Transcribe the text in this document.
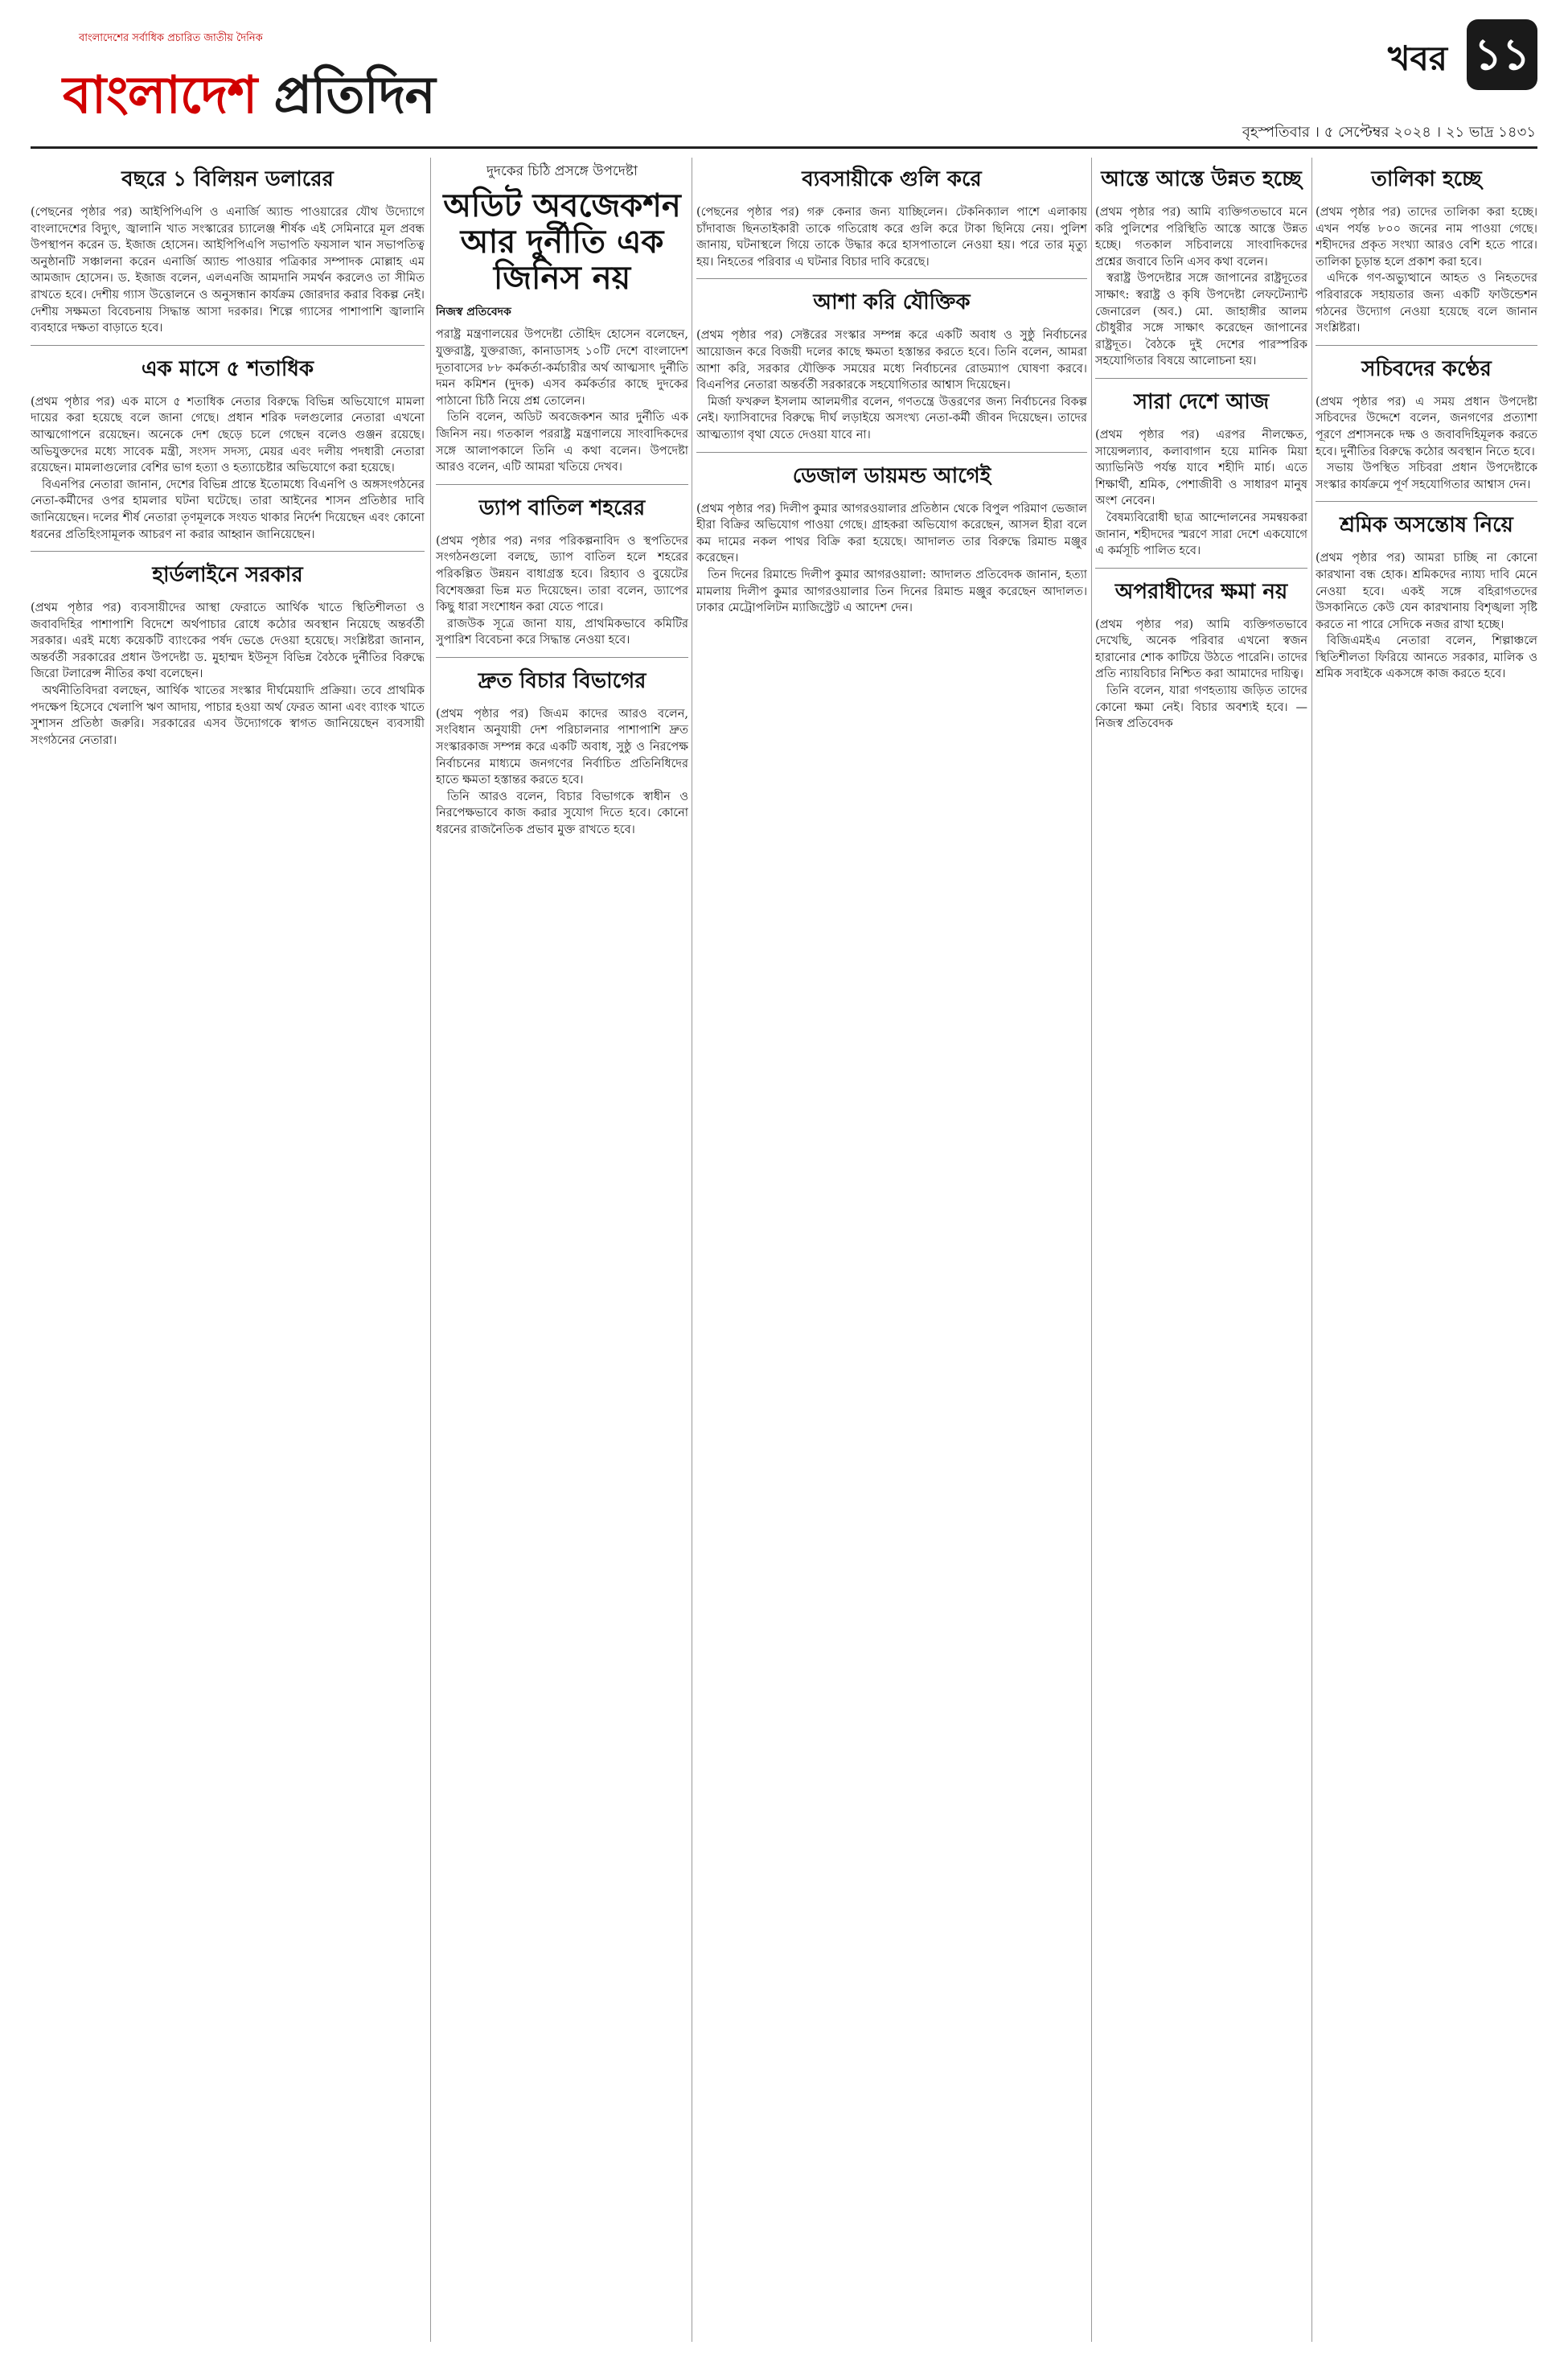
বাংলাদেশের সর্বাধিক প্রচারিত জাতীয় দৈনিক
বাংলাদেশ প্রতিদিন
খবর ১১
বৃহস্পতিবার । ৫ সেপ্টেম্বর ২০২৪ । ২১ ভাদ্র ১৪৩১
বছরে ১ বিলিয়ন ডলারের

(পেছনের পৃষ্ঠার পর) আইপিপিএপি ও এনার্জি অ্যান্ড পাওয়ারের যৌথ উদ্যোগে বাংলাদেশের বিদ্যুৎ, জ্বালানি খাত সংস্কারের চ্যালেঞ্জ শীর্ষক এই সেমিনারে মূল প্রবন্ধ উপস্থাপন করেন ড. ইজাজ হোসেন। আইপিপিএপি সভাপতি ফয়সাল খান সভাপতিত্ব অনুষ্ঠানটি সঞ্চালনা করেন এনার্জি অ্যান্ড পাওয়ার পত্রিকার সম্পাদক মোল্লাহ এম আমজাদ হোসেন। ড. ইজাজ বলেন, এলএনজি আমদানি সমর্থন করলেও তা সীমিত রাখতে হবে। দেশীয় গ্যাস উত্তোলনে ও অনুসন্ধান কার্যক্রম জোরদার করার বিকল্প নেই। দেশীয় সক্ষমতা বিবেচনায় সিদ্ধান্ত আসা দরকার। শিল্পে গ্যাসের পাশাপাশি জ্বালানি ব্যবহারে দক্ষতা বাড়াতে হবে।

এক মাসে ৫ শতাধিক

(প্রথম পৃষ্ঠার পর) এক মাসে ৫ শতাধিক নেতার বিরুদ্ধে বিভিন্ন অভিযোগে মামলা দায়ের করা হয়েছে বলে জানা গেছে। প্রধান শরিক দলগুলোর নেতারা এখনো আত্মগোপনে রয়েছেন। অনেকে দেশ ছেড়ে চলে গেছেন বলেও গুঞ্জন রয়েছে। অভিযুক্তদের মধ্যে সাবেক মন্ত্রী, সংসদ সদস্য, মেয়র এবং দলীয় পদধারী নেতারা রয়েছেন। মামলাগুলোর বেশির ভাগ হত্যা ও হত্যাচেষ্টার অভিযোগে করা হয়েছে।

বিএনপির নেতারা জানান, দেশের বিভিন্ন প্রান্তে ইতোমধ্যে বিএনপি ও অঙ্গসংগঠনের নেতা-কর্মীদের ওপর হামলার ঘটনা ঘটেছে। তারা আইনের শাসন প্রতিষ্ঠার দাবি জানিয়েছেন। দলের শীর্ষ নেতারা তৃণমূলকে সংযত থাকার নির্দেশ দিয়েছেন এবং কোনো ধরনের প্রতিহিংসামূলক আচরণ না করার আহ্বান জানিয়েছেন।

হার্ডলাইনে সরকার

(প্রথম পৃষ্ঠার পর) ব্যবসায়ীদের আস্থা ফেরাতে আর্থিক খাতে স্থিতিশীলতা ও জবাবদিহির পাশাপাশি বিদেশে অর্থপাচার রোধে কঠোর অবস্থান নিয়েছে অন্তর্বর্তী সরকার। এরই মধ্যে কয়েকটি ব্যাংকের পর্ষদ ভেঙে দেওয়া হয়েছে। সংশ্লিষ্টরা জানান, অন্তর্বর্তী সরকারের প্রধান উপদেষ্টা ড. মুহাম্মদ ইউনূস বিভিন্ন বৈঠকে দুর্নীতির বিরুদ্ধে জিরো টলারেন্স নীতির কথা বলেছেন।

অর্থনীতিবিদরা বলছেন, আর্থিক খাতের সংস্কার দীর্ঘমেয়াদি প্রক্রিয়া। তবে প্রাথমিক পদক্ষেপ হিসেবে খেলাপি ঋণ আদায়, পাচার হওয়া অর্থ ফেরত আনা এবং ব্যাংক খাতে সুশাসন প্রতিষ্ঠা জরুরি। সরকারের এসব উদ্যোগকে স্বাগত জানিয়েছেন ব্যবসায়ী সংগঠনের নেতারা।

দুদকের চিঠি প্রসঙ্গে উপদেষ্টা
অডিট অবজেকশন আর দুর্নীতি এক জিনিস নয়
নিজস্ব প্রতিবেদক

পরাষ্ট্র মন্ত্রণালয়ের উপদেষ্টা তৌহিদ হোসেন বলেছেন, যুক্তরাষ্ট্র, যুক্তরাজ্য, কানাডাসহ ১০টি দেশে বাংলাদেশ দূতাবাসের ৮৮ কর্মকর্তা-কর্মচারীর অর্থ আত্মসাৎ দুর্নীতি দমন কমিশন (দুদক) এসব কর্মকর্তার কাছে দুদকের পাঠানো চিঠি নিয়ে প্রশ্ন তোলেন।

তিনি বলেন, অডিট অবজেকশন আর দুর্নীতি এক জিনিস নয়। গতকাল পররাষ্ট্র মন্ত্রণালয়ে সাংবাদিকদের সঙ্গে আলাপকালে তিনি এ কথা বলেন। উপদেষ্টা আরও বলেন, এটি আমরা খতিয়ে দেখব।

ড্যাপ বাতিল শহরের

(প্রথম পৃষ্ঠার পর) নগর পরিকল্পনাবিদ ও স্থপতিদের সংগঠনগুলো বলছে, ড্যাপ বাতিল হলে শহরের পরিকল্পিত উন্নয়ন বাধাগ্রস্ত হবে। রিহ্যাব ও বুয়েটের বিশেষজ্ঞরা ভিন্ন মত দিয়েছেন। তারা বলেন, ড্যাপের কিছু ধারা সংশোধন করা যেতে পারে।

রাজউক সূত্রে জানা যায়, প্রাথমিকভাবে কমিটির সুপারিশ বিবেচনা করে সিদ্ধান্ত নেওয়া হবে।

দ্রুত বিচার বিভাগের

(প্রথম পৃষ্ঠার পর) জিএম কাদের আরও বলেন, সংবিধান অনুযায়ী দেশ পরিচালনার পাশাপাশি দ্রুত সংস্কারকাজ সম্পন্ন করে একটি অবাধ, সুষ্ঠু ও নিরপেক্ষ নির্বাচনের মাধ্যমে জনগণের নির্বাচিত প্রতিনিধিদের হাতে ক্ষমতা হস্তান্তর করতে হবে।

তিনি আরও বলেন, বিচার বিভাগকে স্বাধীন ও নিরপেক্ষভাবে কাজ করার সুযোগ দিতে হবে। কোনো ধরনের রাজনৈতিক প্রভাব মুক্ত রাখতে হবে।

ব্যবসায়ীকে গুলি করে

(পেছনের পৃষ্ঠার পর) গরু কেনার জন্য যাচ্ছিলেন। টেকনিক্যাল পাশে এলাকায় চাঁদাবাজ ছিনতাইকারী তাকে গতিরোধ করে গুলি করে টাকা ছিনিয়ে নেয়। পুলিশ জানায়, ঘটনাস্থলে গিয়ে তাকে উদ্ধার করে হাসপাতালে নেওয়া হয়। পরে তার মৃত্যু হয়। নিহতের পরিবার এ ঘটনার বিচার দাবি করেছে।

আশা করি যৌক্তিক

(প্রথম পৃষ্ঠার পর) সেক্টরের সংস্কার সম্পন্ন করে একটি অবাধ ও সুষ্ঠু নির্বাচনের আয়োজন করে বিজয়ী দলের কাছে ক্ষমতা হস্তান্তর করতে হবে। তিনি বলেন, আমরা আশা করি, সরকার যৌক্তিক সময়ের মধ্যে নির্বাচনের রোডম্যাপ ঘোষণা করবে। বিএনপির নেতারা অন্তর্বর্তী সরকারকে সহযোগিতার আশ্বাস দিয়েছেন।

মির্জা ফখরুল ইসলাম আলমগীর বলেন, গণতন্ত্রে উত্তরণের জন্য নির্বাচনের বিকল্প নেই। ফ্যাসিবাদের বিরুদ্ধে দীর্ঘ লড়াইয়ে অসংখ্য নেতা-কর্মী জীবন দিয়েছেন। তাদের আত্মত্যাগ বৃথা যেতে দেওয়া যাবে না।

ডেজাল ডায়মন্ড আগেই

(প্রথম পৃষ্ঠার পর) দিলীপ কুমার আগরওয়ালার প্রতিষ্ঠান থেকে বিপুল পরিমাণ ভেজাল হীরা বিক্রির অভিযোগ পাওয়া গেছে। গ্রাহকরা অভিযোগ করেছেন, আসল হীরা বলে কম দামের নকল পাথর বিক্রি করা হয়েছে। আদালত তার বিরুদ্ধে রিমান্ড মঞ্জুর করেছেন।

তিন দিনের রিমান্ডে দিলীপ কুমার আগরওয়ালা: আদালত প্রতিবেদক জানান, হত্যা মামলায় দিলীপ কুমার আগরওয়ালার তিন দিনের রিমান্ড মঞ্জুর করেছেন আদালত। ঢাকার মেট্রোপলিটন ম্যাজিস্ট্রেট এ আদেশ দেন।

আস্তে আস্তে উন্নত হচ্ছে

(প্রথম পৃষ্ঠার পর) আমি ব্যক্তিগতভাবে মনে করি পুলিশের পরিস্থিতি আস্তে আস্তে উন্নত হচ্ছে। গতকাল সচিবালয়ে সাংবাদিকদের প্রশ্নের জবাবে তিনি এসব কথা বলেন।

স্বরাষ্ট্র উপদেষ্টার সঙ্গে জাপানের রাষ্ট্রদূতের সাক্ষাৎ: স্বরাষ্ট্র ও কৃষি উপদেষ্টা লেফটেন্যান্ট জেনারেল (অব.) মো. জাহাঙ্গীর আলম চৌধুরীর সঙ্গে সাক্ষাৎ করেছেন জাপানের রাষ্ট্রদূত। বৈঠকে দুই দেশের পারস্পরিক সহযোগিতার বিষয়ে আলোচনা হয়।

সারা দেশে আজ

(প্রথম পৃষ্ঠার পর) এরপর নীলক্ষেত, সায়েন্সল্যাব, কলাবাগান হয়ে মানিক মিয়া অ্যাভিনিউ পর্যন্ত যাবে শহীদি মার্চ। এতে শিক্ষার্থী, শ্রমিক, পেশাজীবী ও সাধারণ মানুষ অংশ নেবেন।

বৈষম্যবিরোধী ছাত্র আন্দোলনের সমন্বয়করা জানান, শহীদদের স্মরণে সারা দেশে একযোগে এ কর্মসূচি পালিত হবে।

অপরাধীদের ক্ষমা নয়

(প্রথম পৃষ্ঠার পর) আমি ব্যক্তিগতভাবে দেখেছি, অনেক পরিবার এখনো স্বজন হারানোর শোক কাটিয়ে উঠতে পারেনি। তাদের প্রতি ন্যায়বিচার নিশ্চিত করা আমাদের দায়িত্ব।

তিনি বলেন, যারা গণহত্যায় জড়িত তাদের কোনো ক্ষমা নেই। বিচার অবশ্যই হবে। — নিজস্ব প্রতিবেদক

তালিকা হচ্ছে

(প্রথম পৃষ্ঠার পর) তাদের তালিকা করা হচ্ছে। এখন পর্যন্ত ৮০০ জনের নাম পাওয়া গেছে। শহীদদের প্রকৃত সংখ্যা আরও বেশি হতে পারে। তালিকা চূড়ান্ত হলে প্রকাশ করা হবে।

এদিকে গণ-অভ্যুত্থানে আহত ও নিহতদের পরিবারকে সহায়তার জন্য একটি ফাউন্ডেশন গঠনের উদ্যোগ নেওয়া হয়েছে বলে জানান সংশ্লিষ্টরা।

সচিবদের কণ্ঠের

(প্রথম পৃষ্ঠার পর) এ সময় প্রধান উপদেষ্টা সচিবদের উদ্দেশে বলেন, জনগণের প্রত্যাশা পূরণে প্রশাসনকে দক্ষ ও জবাবদিহিমূলক করতে হবে। দুর্নীতির বিরুদ্ধে কঠোর অবস্থান নিতে হবে।

সভায় উপস্থিত সচিবরা প্রধান উপদেষ্টাকে সংস্কার কার্যক্রমে পূর্ণ সহযোগিতার আশ্বাস দেন।

শ্রমিক অসন্তোষ নিয়ে

(প্রথম পৃষ্ঠার পর) আমরা চাচ্ছি না কোনো কারখানা বন্ধ হোক। শ্রমিকদের ন্যায্য দাবি মেনে নেওয়া হবে। একই সঙ্গে বহিরাগতদের উসকানিতে কেউ যেন কারখানায় বিশৃঙ্খলা সৃষ্টি করতে না পারে সেদিকে নজর রাখা হচ্ছে।

বিজিএমইএ নেতারা বলেন, শিল্পাঞ্চলে স্থিতিশীলতা ফিরিয়ে আনতে সরকার, মালিক ও শ্রমিক সবাইকে একসঙ্গে কাজ করতে হবে।
